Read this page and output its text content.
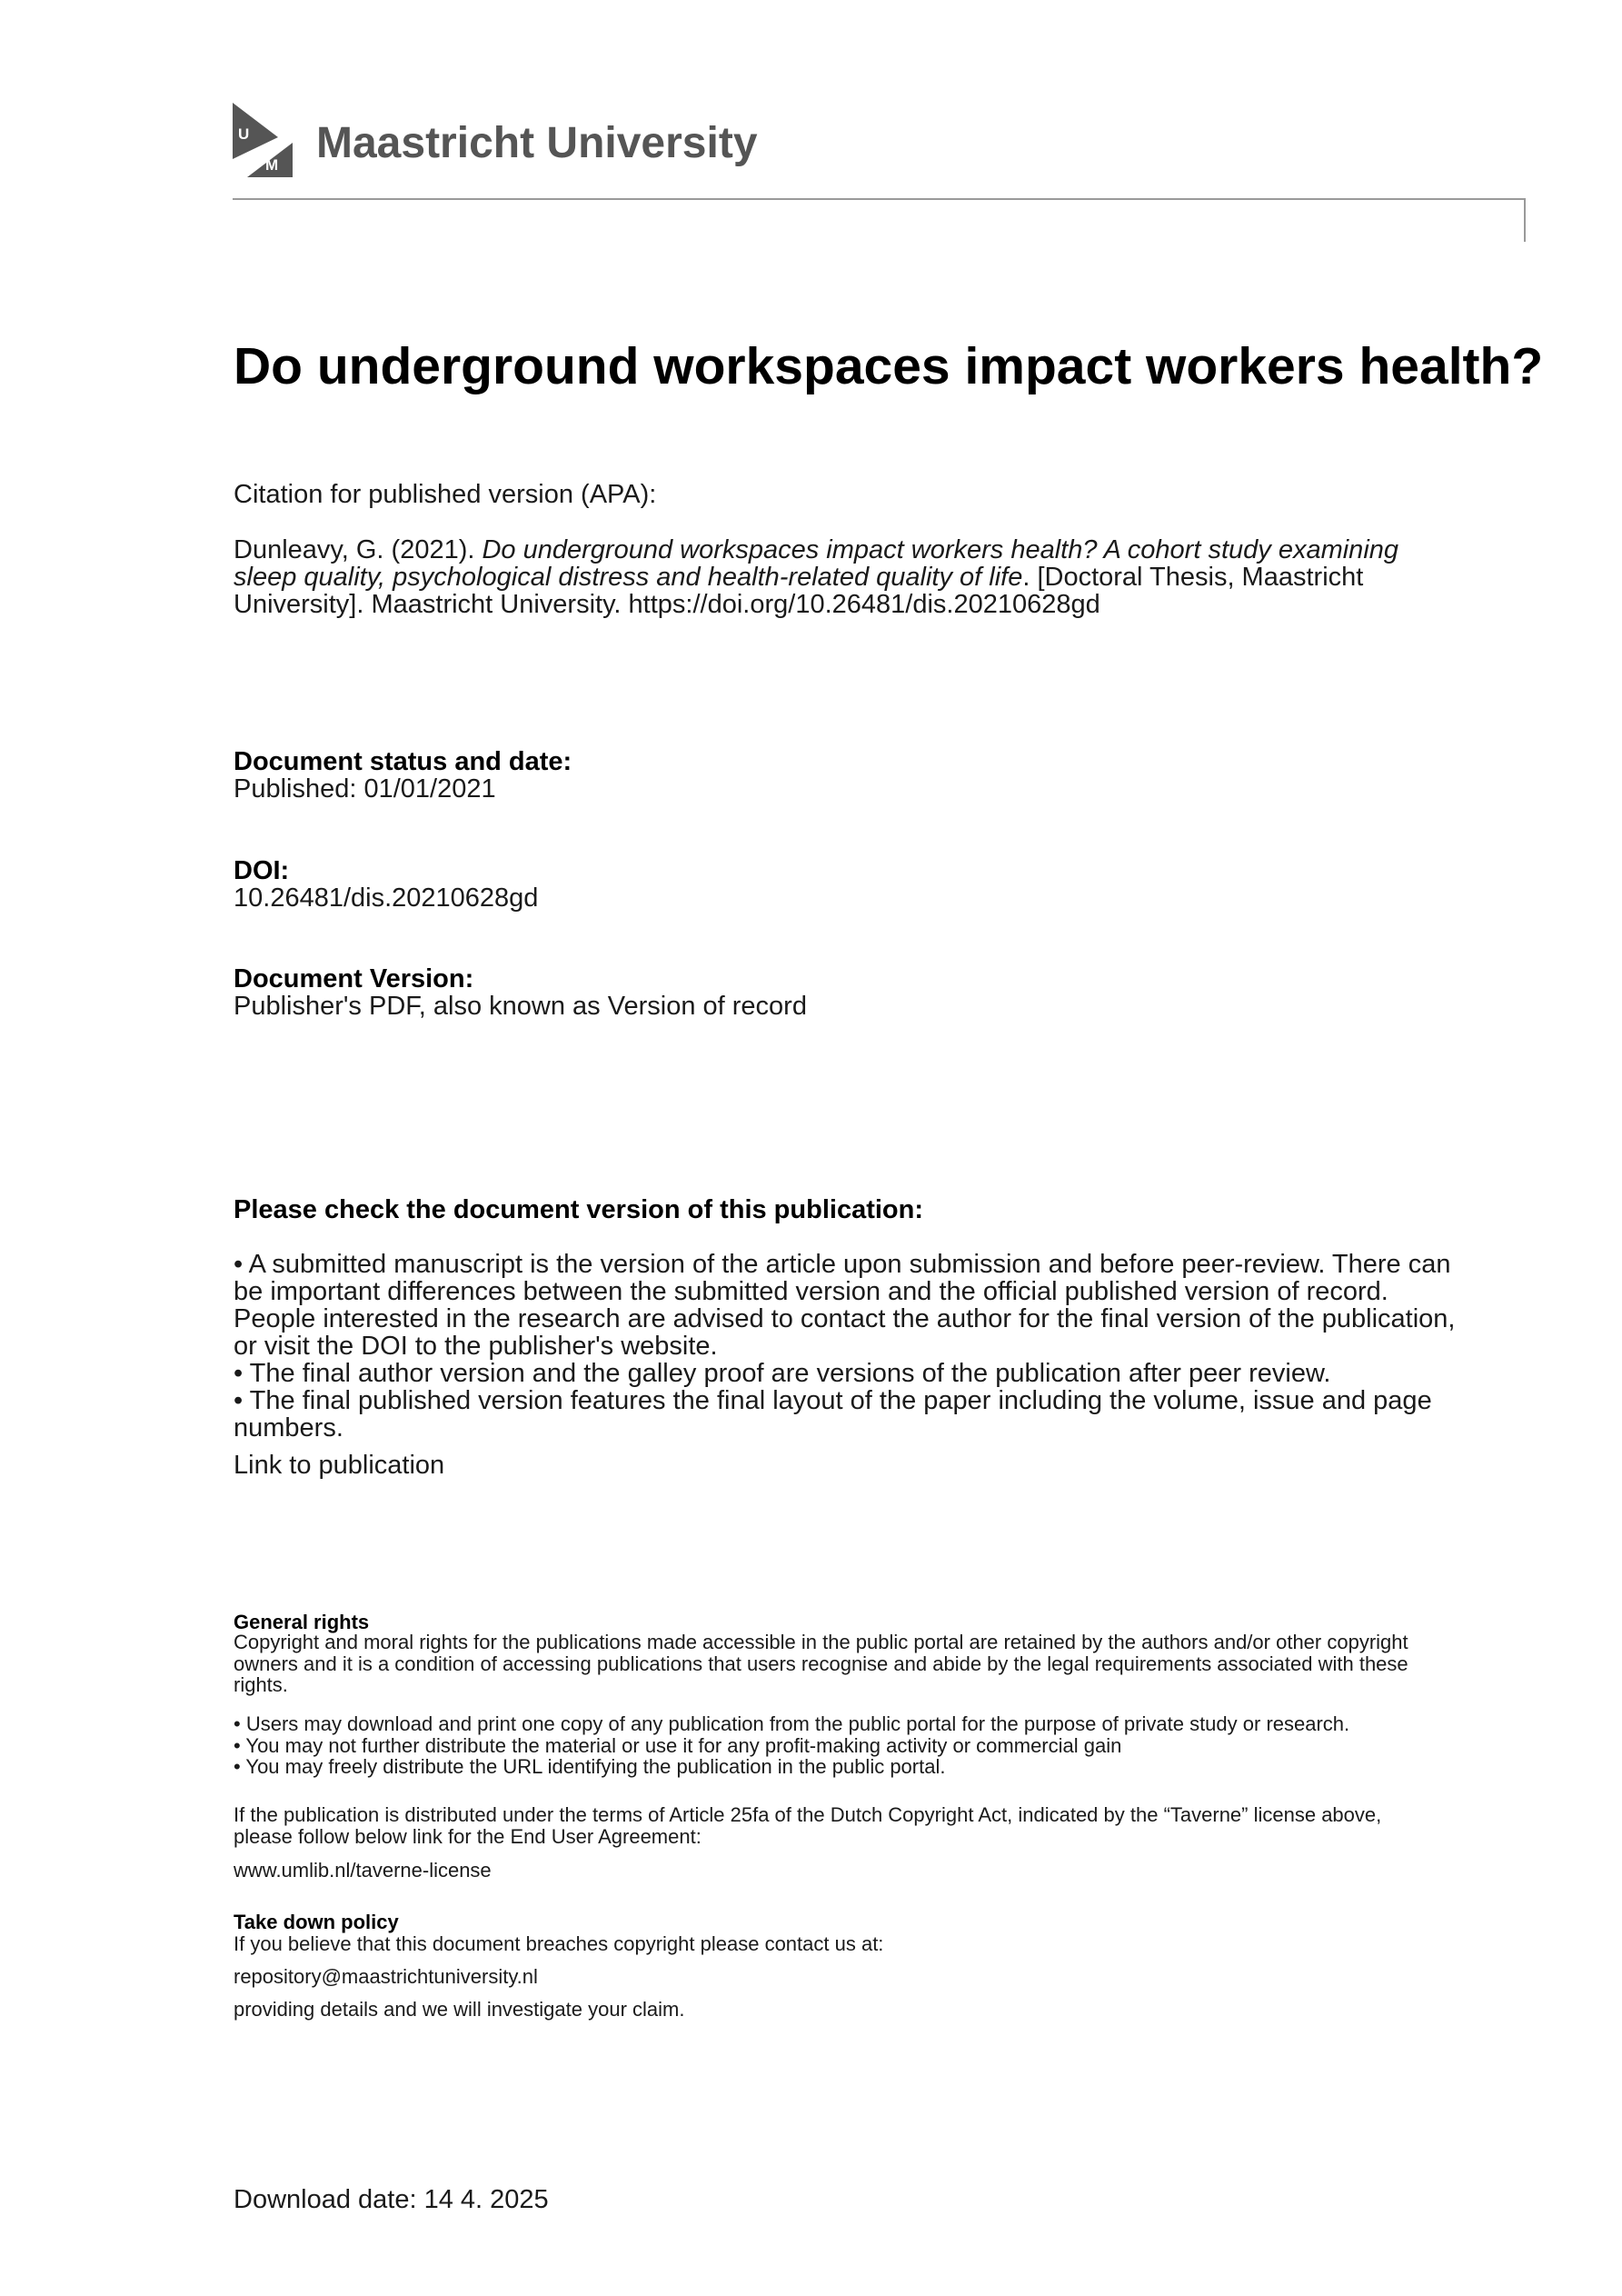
U
M Maastricht University
Do underground workspaces impact workers health?
Citation for published version (APA):
Dunleavy, G. (2021). Do underground workspaces impact workers health? A cohort study examining
sleep quality, psychological distress and health-related quality of life. [Doctoral Thesis, Maastricht
University]. Maastricht University. https://doi.org/10.26481/dis.20210628gd
Document status and date:
Published: 01/01/2021
DOI:
10.26481/dis.20210628gd
Document Version:
Publisher's PDF, also known as Version of record
Please check the document version of this publication:
• A submitted manuscript is the version of the article upon submission and before peer-review. There can
be important differences between the submitted version and the official published version of record.
People interested in the research are advised to contact the author for the final version of the publication,
or visit the DOI to the publisher's website.
• The final author version and the galley proof are versions of the publication after peer review.
• The final published version features the final layout of the paper including the volume, issue and page
numbers.
Link to publication
General rights
Copyright and moral rights for the publications made accessible in the public portal are retained by the authors and/or other copyright
owners and it is a condition of accessing publications that users recognise and abide by the legal requirements associated with these
rights.
• Users may download and print one copy of any publication from the public portal for the purpose of private study or research.
• You may not further distribute the material or use it for any profit-making activity or commercial gain
• You may freely distribute the URL identifying the publication in the public portal.
If the publication is distributed under the terms of Article 25fa of the Dutch Copyright Act, indicated by the “Taverne” license above,
please follow below link for the End User Agreement:
www.umlib.nl/taverne-license
Take down policy
If you believe that this document breaches copyright please contact us at:
repository@maastrichtuniversity.nl
providing details and we will investigate your claim.
Download date: 14 4. 2025
